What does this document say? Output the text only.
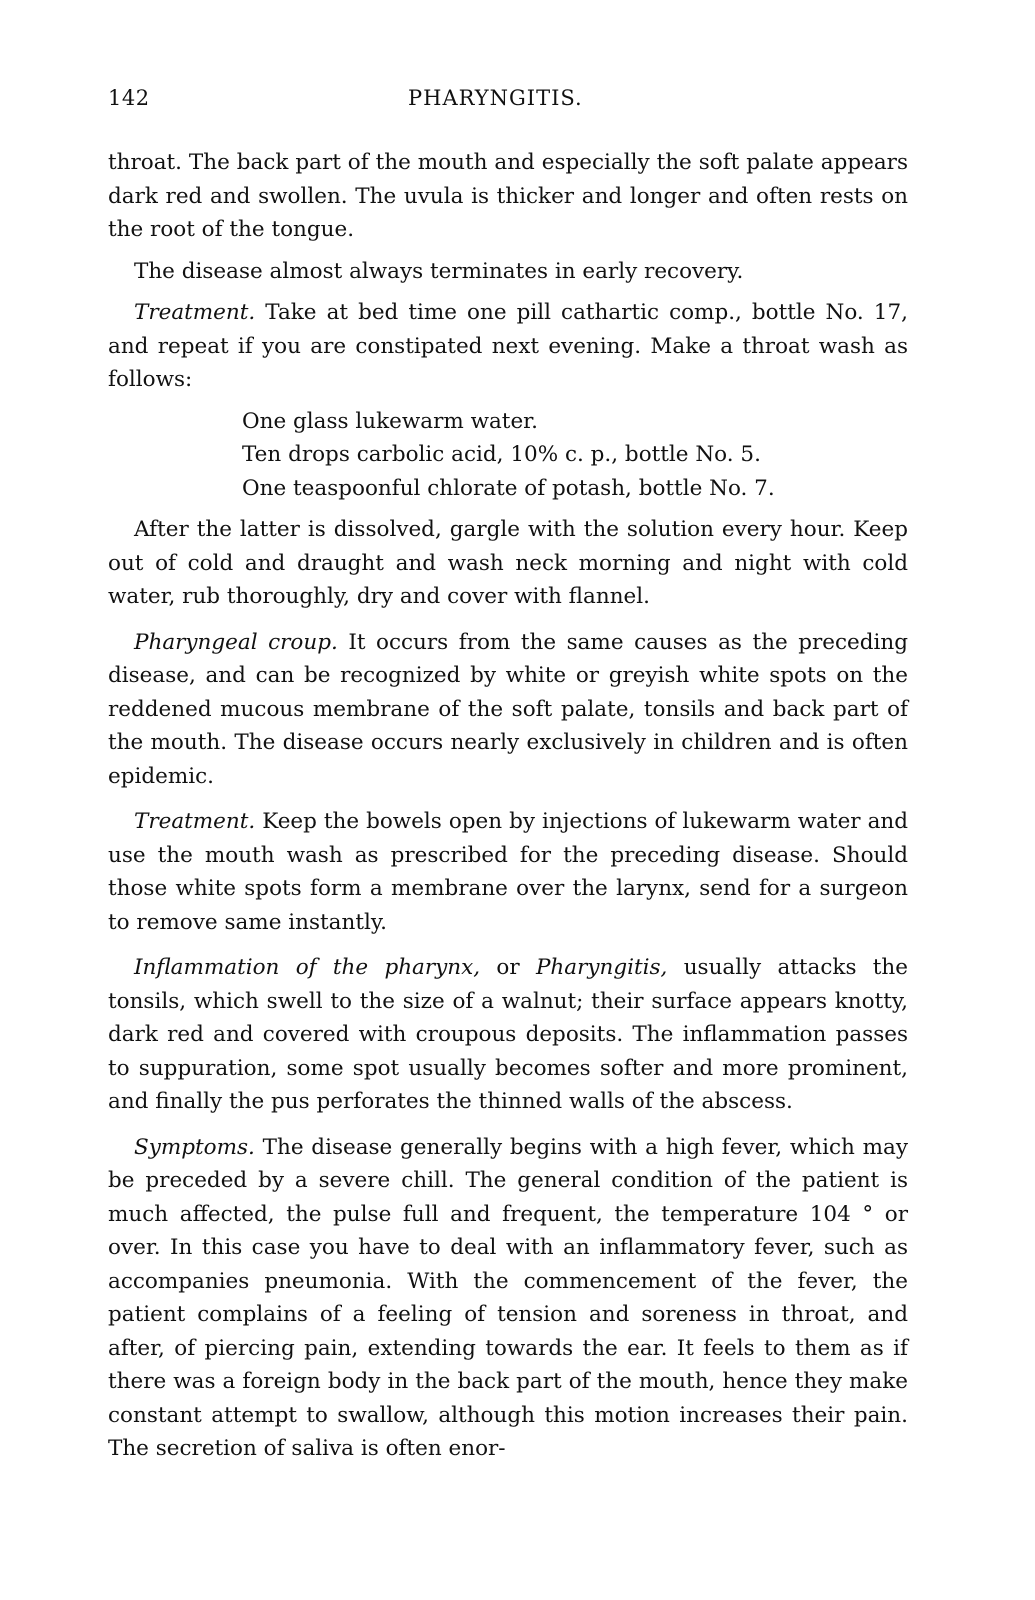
142	PHARYNGITIS.

throat. The back part of the mouth and especially the soft palate appears dark red and swollen. The uvula is thicker and longer and often rests on the root of the tongue.

The disease almost always terminates in early recovery.

Treatment. Take at bed time one pill cathartic comp., bottle No. 17, and repeat if you are constipated next evening. Make a throat wash as follows:

One glass lukewarm water.
Ten drops carbolic acid, 10% c. p., bottle No. 5.
One teaspoonful chlorate of potash, bottle No. 7.

After the latter is dissolved, gargle with the solution every hour. Keep out of cold and draught and wash neck morning and night with cold water, rub thoroughly, dry and cover with flannel.

Pharyngeal croup. It occurs from the same causes as the preceding disease, and can be recognized by white or greyish white spots on the reddened mucous membrane of the soft palate, tonsils and back part of the mouth. The disease occurs nearly exclusively in children and is often epidemic.

Treatment. Keep the bowels open by injections of lukewarm water and use the mouth wash as prescribed for the preceding disease. Should those white spots form a membrane over the larynx, send for a surgeon to remove same instantly.

Inflammation of the pharynx, or Pharyngitis, usually attacks the tonsils, which swell to the size of a walnut; their surface appears knotty, dark red and covered with croupous deposits. The inflammation passes to suppuration, some spot usually becomes softer and more prominent, and finally the pus perforates the thinned walls of the abscess.

Symptoms. The disease generally begins with a high fever, which may be preceded by a severe chill. The general condition of the patient is much affected, the pulse full and frequent, the temperature 104 ° or over. In this case you have to deal with an inflammatory fever, such as accompanies pneumonia. With the commencement of the fever, the patient complains of a feeling of tension and soreness in throat, and after, of piercing pain, extending towards the ear. It feels to them as if there was a foreign body in the back part of the mouth, hence they make constant attempt to swallow, although this motion increases their pain. The secretion of saliva is often enor-
